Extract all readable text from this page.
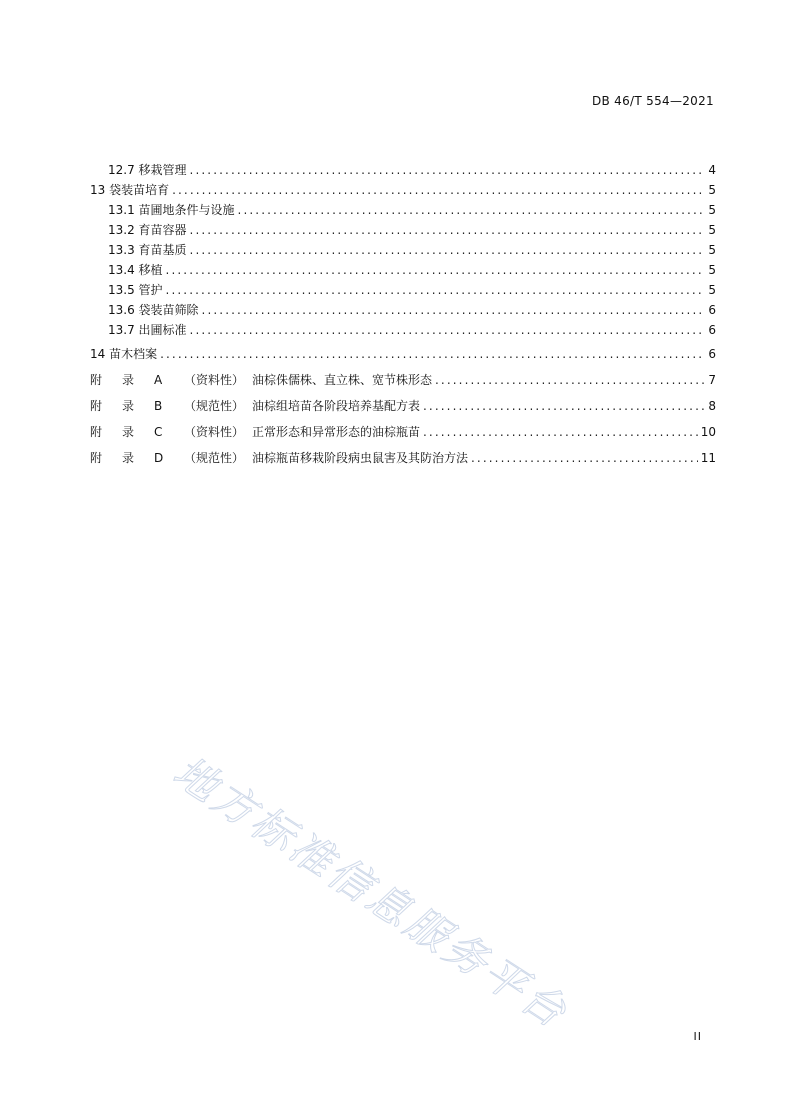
DB 46/T 554—2021
12.7 移栽管理 .....	4
13 袋装苗培育 .....	5
13.1 苗圃地条件与设施 .....	5
13.2 育苗容器 .....	5
13.3 育苗基质 .....	5
13.4 移植 .....	5
13.5 管护 .....	5
13.6 袋装苗筛除 .....	6
13.7 出圃标准 .....	6
14 苗木档案 .....	6
附	录	A	（资料性） 油棕侏儒株、直立株、宽节株形态 .....	7
附	录	B	（规范性） 油棕组培苗各阶段培养基配方表 .....	8
附	录	C	（资料性） 正常形态和异常形态的油棕瓶苗 .....	10
附	录	D	（规范性） 油棕瓶苗移栽阶段病虫鼠害及其防治方法 .....	11
地方标准信息服务平台	II
